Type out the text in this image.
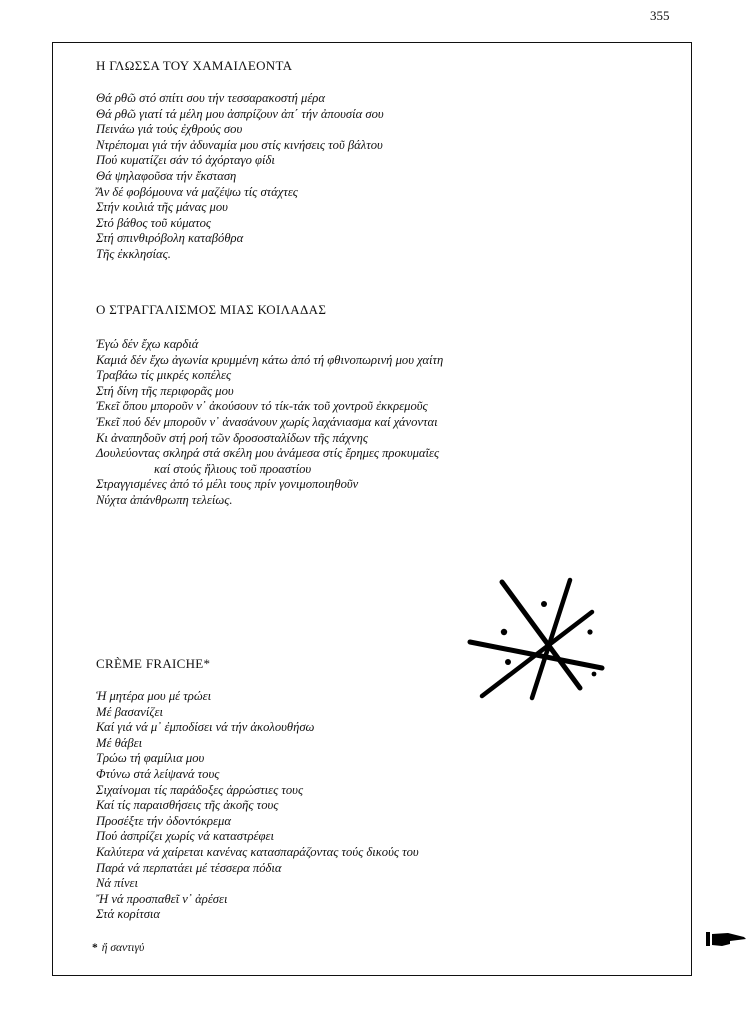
355
Η ΓΛΩΣΣΑ ΤΟΥ ΧΑΜΑΙΛΕΟΝΤΑ
Θά ρθῶ στό σπίτι σου τήν τεσσαρακοστή μέρα
Θά ρθῶ γιατί τά μέλη μου ἀσπρίζουν ἀπ΄ τήν ἀπουσία σου
Πεινάω γιά τούς ἐχθρούς σου
Ντρέπομαι γιά τήν ἀδυναμία μου στίς κινήσεις τοῦ βάλτου
Πού κυματίζει σάν τό ἀχόρταγο φίδι
Θά ψηλαφοῦσα τήν ἔκσταση
Ἄν δέ φοβόμουνα νά μαζέψω τίς στάχτες
Στήν κοιλιά τῆς μάνας μου
Στό βάθος τοῦ κύματος
Στή σπινθιρόβολη καταβόθρα
Τῆς ἐκκλησίας.
Ο ΣΤΡΑΓΓΑΛΙΣΜΟΣ ΜΙΑΣ ΚΟΙΛΑΔΑΣ
Ἐγώ δέν ἔχω καρδιά
Καμιά δέν ἔχω ἀγωνία κρυμμένη κάτω ἀπό τή φθινοπωρινή μου χαίτη
Τραβάω τίς μικρές κοπέλες
Στή δίνη τῆς περιφορᾶς μου
Ἐκεῖ ὅπου μποροῦν ν᾿ ἀκούσουν τό τίκ-τάκ τοῦ χοντροῦ ἐκκρεμοῦς
Ἐκεῖ πού δέν μποροῦν ν᾿ ἀνασάνουν χωρίς λαχάνιασμα καί χάνονται
Κι ἀναπηδοῦν στή ροή τῶν δροσοσταλίδων τῆς πάχνης
Δουλεύοντας σκληρά στά σκέλη μου ἀνάμεσα στίς ἔρημες προκυμαῖες
καί στούς ἥλιους τοῦ προαστίου
Στραγγισμένες ἀπό τό μέλι τους πρίν γονιμοποιηθοῦν
Νύχτα ἀπάνθρωπη τελείως.
CRÈME FRAICHE*
Ἡ μητέρα μου μέ τρώει
Μέ βασανίζει
Καί γιά νά μ᾿ ἐμποδίσει νά τήν ἀκολουθήσω
Μέ θάβει
Τρώω τή φαμίλια μου
Φτύνω στά λείψανά τους
Σιχαίνομαι τίς παράδοξες ἀρρώστιες τους
Καί τίς παραισθήσεις τῆς ἀκοῆς τους
Προσέξτε τήν ὀδοντόκρεμα
Πού ἀσπρίζει χωρίς νά καταστρέφει
Καλύτερα νά χαίρεται κανένας κατασπαράζοντας τούς δικούς του
Παρά νά περπατάει μέ τέσσερα πόδια
Νά πίνει
Ἤ νά προσπαθεῖ ν᾿ ἀρέσει
Στά κορίτσια
* ἤ σαντιγύ
